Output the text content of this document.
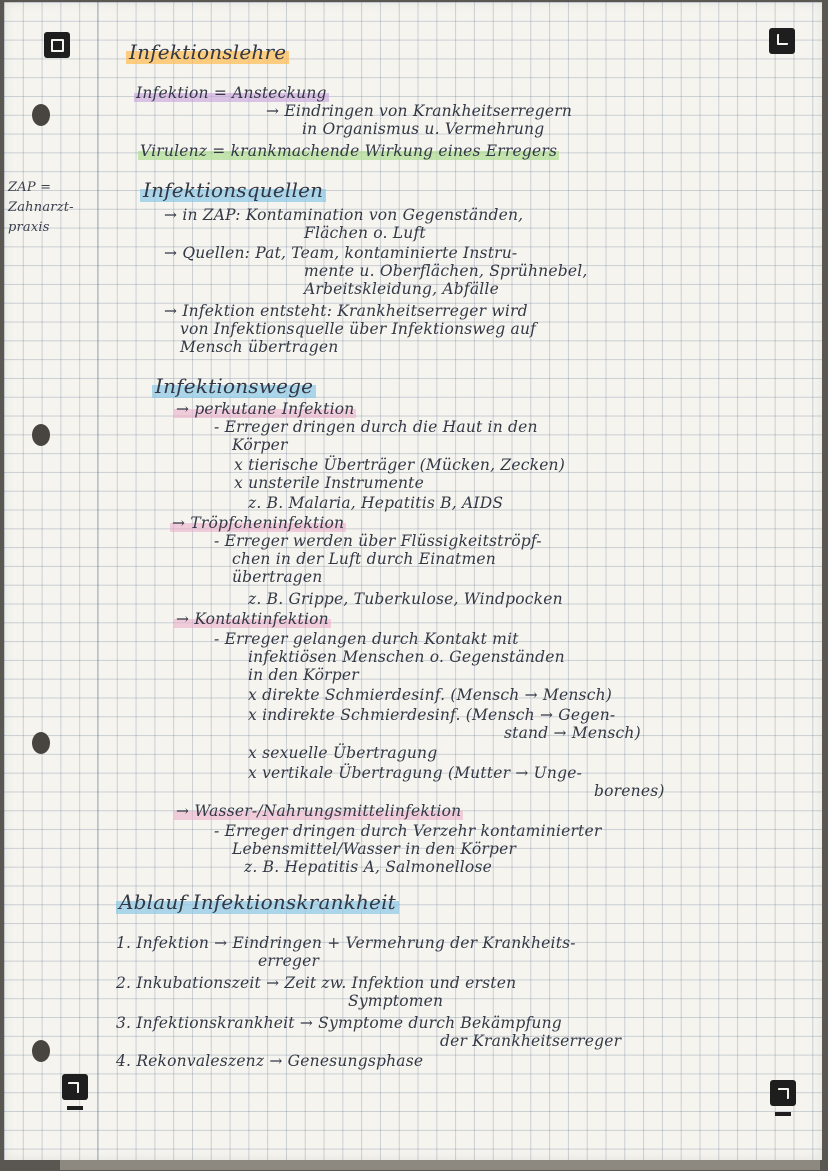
ZAP =
Zahnarzt-
praxis
Infektionslehre
Infektion = Ansteckung
→ Eindringen von Krankheitserregern
in Organismus u. Vermehrung
Virulenz = krankmachende Wirkung eines Erregers
Infektionsquellen
→ in ZAP: Kontamination von Gegenständen,
Flächen o. Luft
→ Quellen: Pat, Team, kontaminierte Instru-
mente u. Oberflächen, Sprühnebel,
Arbeitskleidung, Abfälle
→ Infektion entsteht: Krankheitserreger wird
von Infektionsquelle über Infektionsweg auf
Mensch übertragen
Infektionswege
→ perkutane Infektion
- Erreger dringen durch die Haut in den
Körper
x tierische Überträger (Mücken, Zecken)
x unsterile Instrumente
z. B. Malaria, Hepatitis B, AIDS
→ Tröpfcheninfektion
- Erreger werden über Flüssigkeitströpf-
chen in der Luft durch Einatmen
übertragen
z. B. Grippe, Tuberkulose, Windpocken
→ Kontaktinfektion
- Erreger gelangen durch Kontakt mit
infektiösen Menschen o. Gegenständen
in den Körper
x direkte Schmierdesinf. (Mensch → Mensch)
x indirekte Schmierdesinf. (Mensch → Gegen-
stand → Mensch)
x sexuelle Übertragung
x vertikale Übertragung (Mutter → Unge-
borenes)
→ Wasser-/Nahrungsmittelinfektion
- Erreger dringen durch Verzehr kontaminierter
Lebensmittel/Wasser in den Körper
z. B. Hepatitis A, Salmonellose
Ablauf Infektionskrankheit
1. Infektion → Eindringen + Vermehrung der Krankheits-
erreger
2. Inkubationszeit → Zeit zw. Infektion und ersten
Symptomen
3. Infektionskrankheit → Symptome durch Bekämpfung
der Krankheitserreger
4. Rekonvaleszenz → Genesungsphase
